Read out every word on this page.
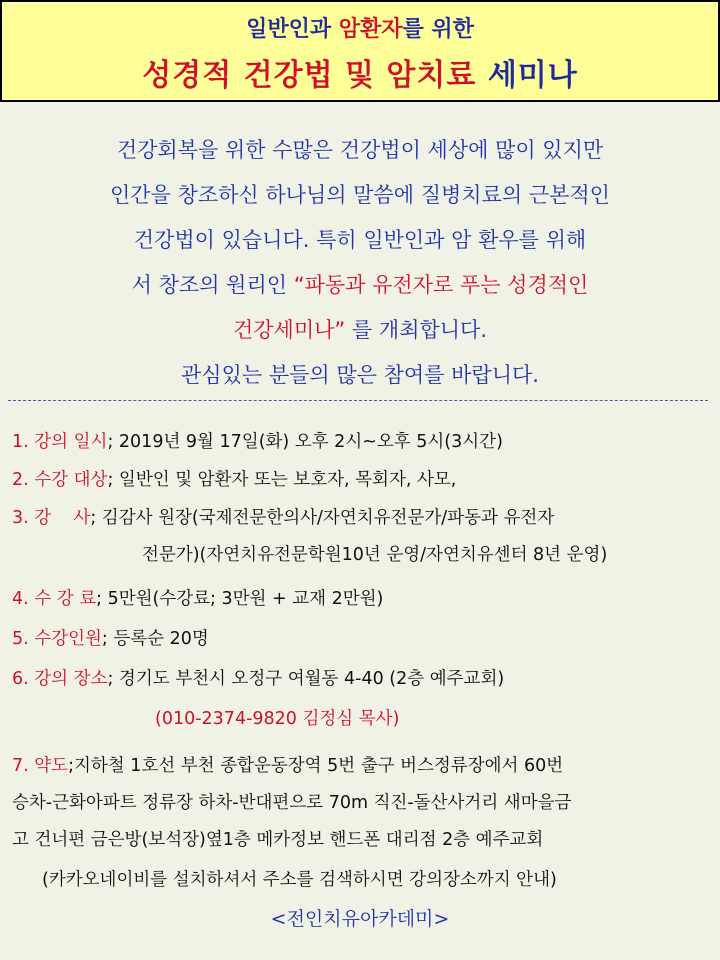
일반인과 암환자를 위한
성경적 건강법 및 암치료 세미나
건강회복을 위한 수많은 건강법이 세상에 많이 있지만
인간을 창조하신 하나님의 말씀에 질병치료의 근본적인
건강법이 있습니다. 특히 일반인과 암 환우를 위해
서 창조의 원리인 “파동과 유전자로 푸는 성경적인
건강세미나” 를 개최합니다.
관심있는 분들의 많은 참여를 바랍니다.
1. 강의 일시; 2019년 9월 17일(화) 오후 2시~오후 5시(3시간)
2. 수강 대상; 일반인 및 암환자 또는 보호자, 목회자, 사모,
3. 강    사; 김감사 원장(국제전문한의사/자연치유전문가/파동과 유전자
전문가)(자연치유전문학원10년 운영/자연치유센터 8년 운영)
4. 수 강 료; 5만원(수강료; 3만원 + 교재 2만원)
5. 수강인원; 등록순 20명
6. 강의 장소; 경기도 부천시 오정구 여월동 4-40 (2층 예주교회)
(010-2374-9820 김정심 목사)
7. 약도;지하철 1호선 부천 종합운동장역 5번 출구 버스정류장에서 60번
승차-근화아파트 정류장 하차-반대편으로 70m 직진-돌산사거리 새마을금
고 건너편 금은방(보석장)옆1층 메카정보 핸드폰 대리점 2층 예주교회
(카카오네이비를 설치하셔서 주소를 검색하시면 강의장소까지 안내)
<전인치유아카데미>
